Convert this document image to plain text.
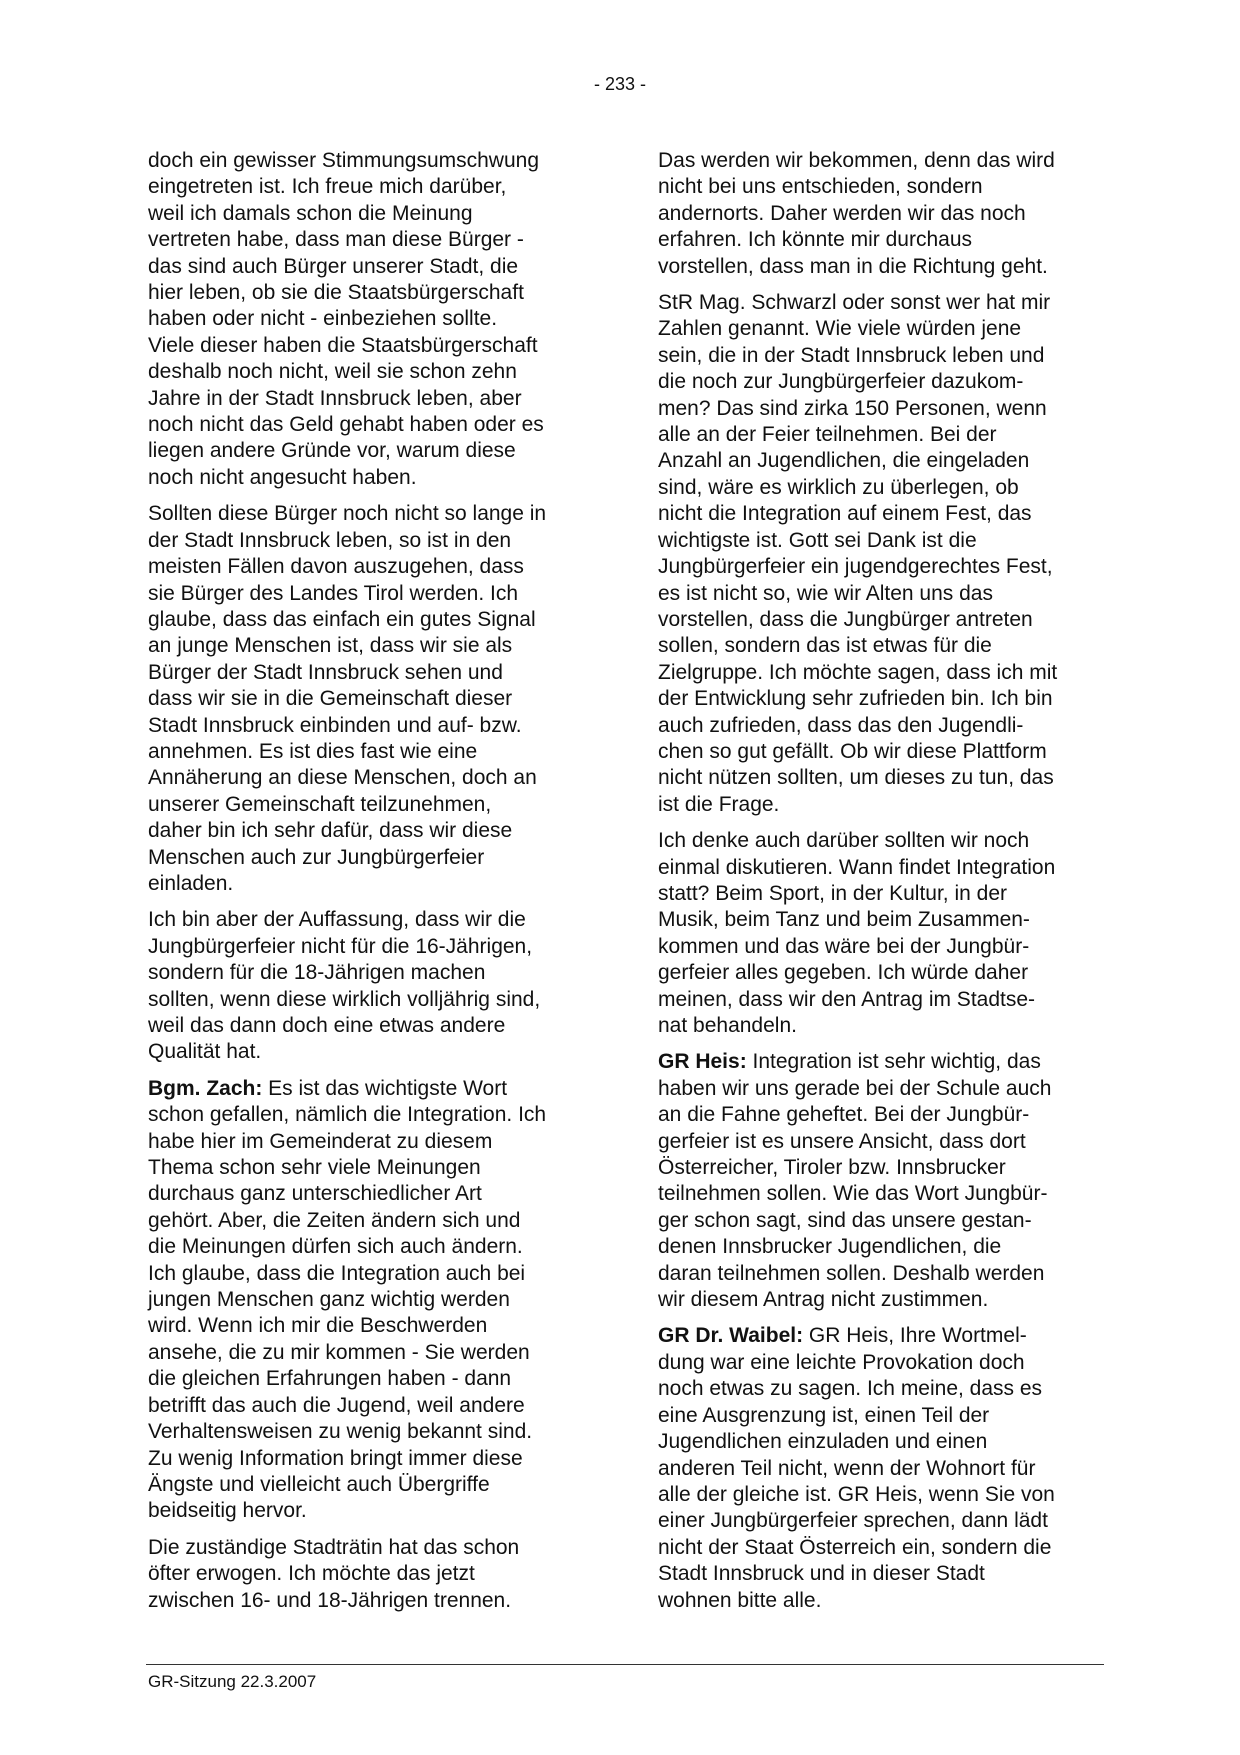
- 233 -

doch ein gewisser Stimmungsumschwung
eingetreten ist. Ich freue mich darüber,
weil ich damals schon die Meinung
vertreten habe, dass man diese Bürger -
das sind auch Bürger unserer Stadt, die
hier leben, ob sie die Staatsbürgerschaft
haben oder nicht - einbeziehen sollte.
Viele dieser haben die Staatsbürgerschaft
deshalb noch nicht, weil sie schon zehn
Jahre in der Stadt Innsbruck leben, aber
noch nicht das Geld gehabt haben oder es
liegen andere Gründe vor, warum diese
noch nicht angesucht haben.

Sollten diese Bürger noch nicht so lange in
der Stadt Innsbruck leben, so ist in den
meisten Fällen davon auszugehen, dass
sie Bürger des Landes Tirol werden. Ich
glaube, dass das einfach ein gutes Signal
an junge Menschen ist, dass wir sie als
Bürger der Stadt Innsbruck sehen und
dass wir sie in die Gemeinschaft dieser
Stadt Innsbruck einbinden und auf- bzw.
annehmen. Es ist dies fast wie eine
Annäherung an diese Menschen, doch an
unserer Gemeinschaft teilzunehmen,
daher bin ich sehr dafür, dass wir diese
Menschen auch zur Jungbürgerfeier
einladen.

Ich bin aber der Auffassung, dass wir die
Jungbürgerfeier nicht für die 16-Jährigen,
sondern für die 18-Jährigen machen
sollten, wenn diese wirklich volljährig sind,
weil das dann doch eine etwas andere
Qualität hat.

Bgm. Zach: Es ist das wichtigste Wort
schon gefallen, nämlich die Integration. Ich
habe hier im Gemeinderat zu diesem
Thema schon sehr viele Meinungen
durchaus ganz unterschiedlicher Art
gehört. Aber, die Zeiten ändern sich und
die Meinungen dürfen sich auch ändern.
Ich glaube, dass die Integration auch bei
jungen Menschen ganz wichtig werden
wird. Wenn ich mir die Beschwerden
ansehe, die zu mir kommen - Sie werden
die gleichen Erfahrungen haben - dann
betrifft das auch die Jugend, weil andere
Verhaltensweisen zu wenig bekannt sind.
Zu wenig Information bringt immer diese
Ängste und vielleicht auch Übergriffe
beidseitig hervor.

Die zuständige Stadträtin hat das schon
öfter erwogen. Ich möchte das jetzt
zwischen 16- und 18-Jährigen trennen.

Das werden wir bekommen, denn das wird
nicht bei uns entschieden, sondern
andernorts. Daher werden wir das noch
erfahren. Ich könnte mir durchaus
vorstellen, dass man in die Richtung geht.

StR Mag. Schwarzl oder sonst wer hat mir
Zahlen genannt. Wie viele würden jene
sein, die in der Stadt Innsbruck leben und
die noch zur Jungbürgerfeier dazukom-
men? Das sind zirka 150 Personen, wenn
alle an der Feier teilnehmen. Bei der
Anzahl an Jugendlichen, die eingeladen
sind, wäre es wirklich zu überlegen, ob
nicht die Integration auf einem Fest, das
wichtigste ist. Gott sei Dank ist die
Jungbürgerfeier ein jugendgerechtes Fest,
es ist nicht so, wie wir Alten uns das
vorstellen, dass die Jungbürger antreten
sollen, sondern das ist etwas für die
Zielgruppe. Ich möchte sagen, dass ich mit
der Entwicklung sehr zufrieden bin. Ich bin
auch zufrieden, dass das den Jugendli-
chen so gut gefällt. Ob wir diese Plattform
nicht nützen sollten, um dieses zu tun, das
ist die Frage.

Ich denke auch darüber sollten wir noch
einmal diskutieren. Wann findet Integration
statt? Beim Sport, in der Kultur, in der
Musik, beim Tanz und beim Zusammen-
kommen und das wäre bei der Jungbür-
gerfeier alles gegeben. Ich würde daher
meinen, dass wir den Antrag im Stadtse-
nat behandeln.

GR Heis: Integration ist sehr wichtig, das
haben wir uns gerade bei der Schule auch
an die Fahne geheftet. Bei der Jungbür-
gerfeier ist es unsere Ansicht, dass dort
Österreicher, Tiroler bzw. Innsbrucker
teilnehmen sollen. Wie das Wort Jungbür-
ger schon sagt, sind das unsere gestan-
denen Innsbrucker Jugendlichen, die
daran teilnehmen sollen. Deshalb werden
wir diesem Antrag nicht zustimmen.

GR Dr. Waibel: GR Heis, Ihre Wortmel-
dung war eine leichte Provokation doch
noch etwas zu sagen. Ich meine, dass es
eine Ausgrenzung ist, einen Teil der
Jugendlichen einzuladen und einen
anderen Teil nicht, wenn der Wohnort für
alle der gleiche ist. GR Heis, wenn Sie von
einer Jungbürgerfeier sprechen, dann lädt
nicht der Staat Österreich ein, sondern die
Stadt Innsbruck und in dieser Stadt
wohnen bitte alle.

GR-Sitzung 22.3.2007
